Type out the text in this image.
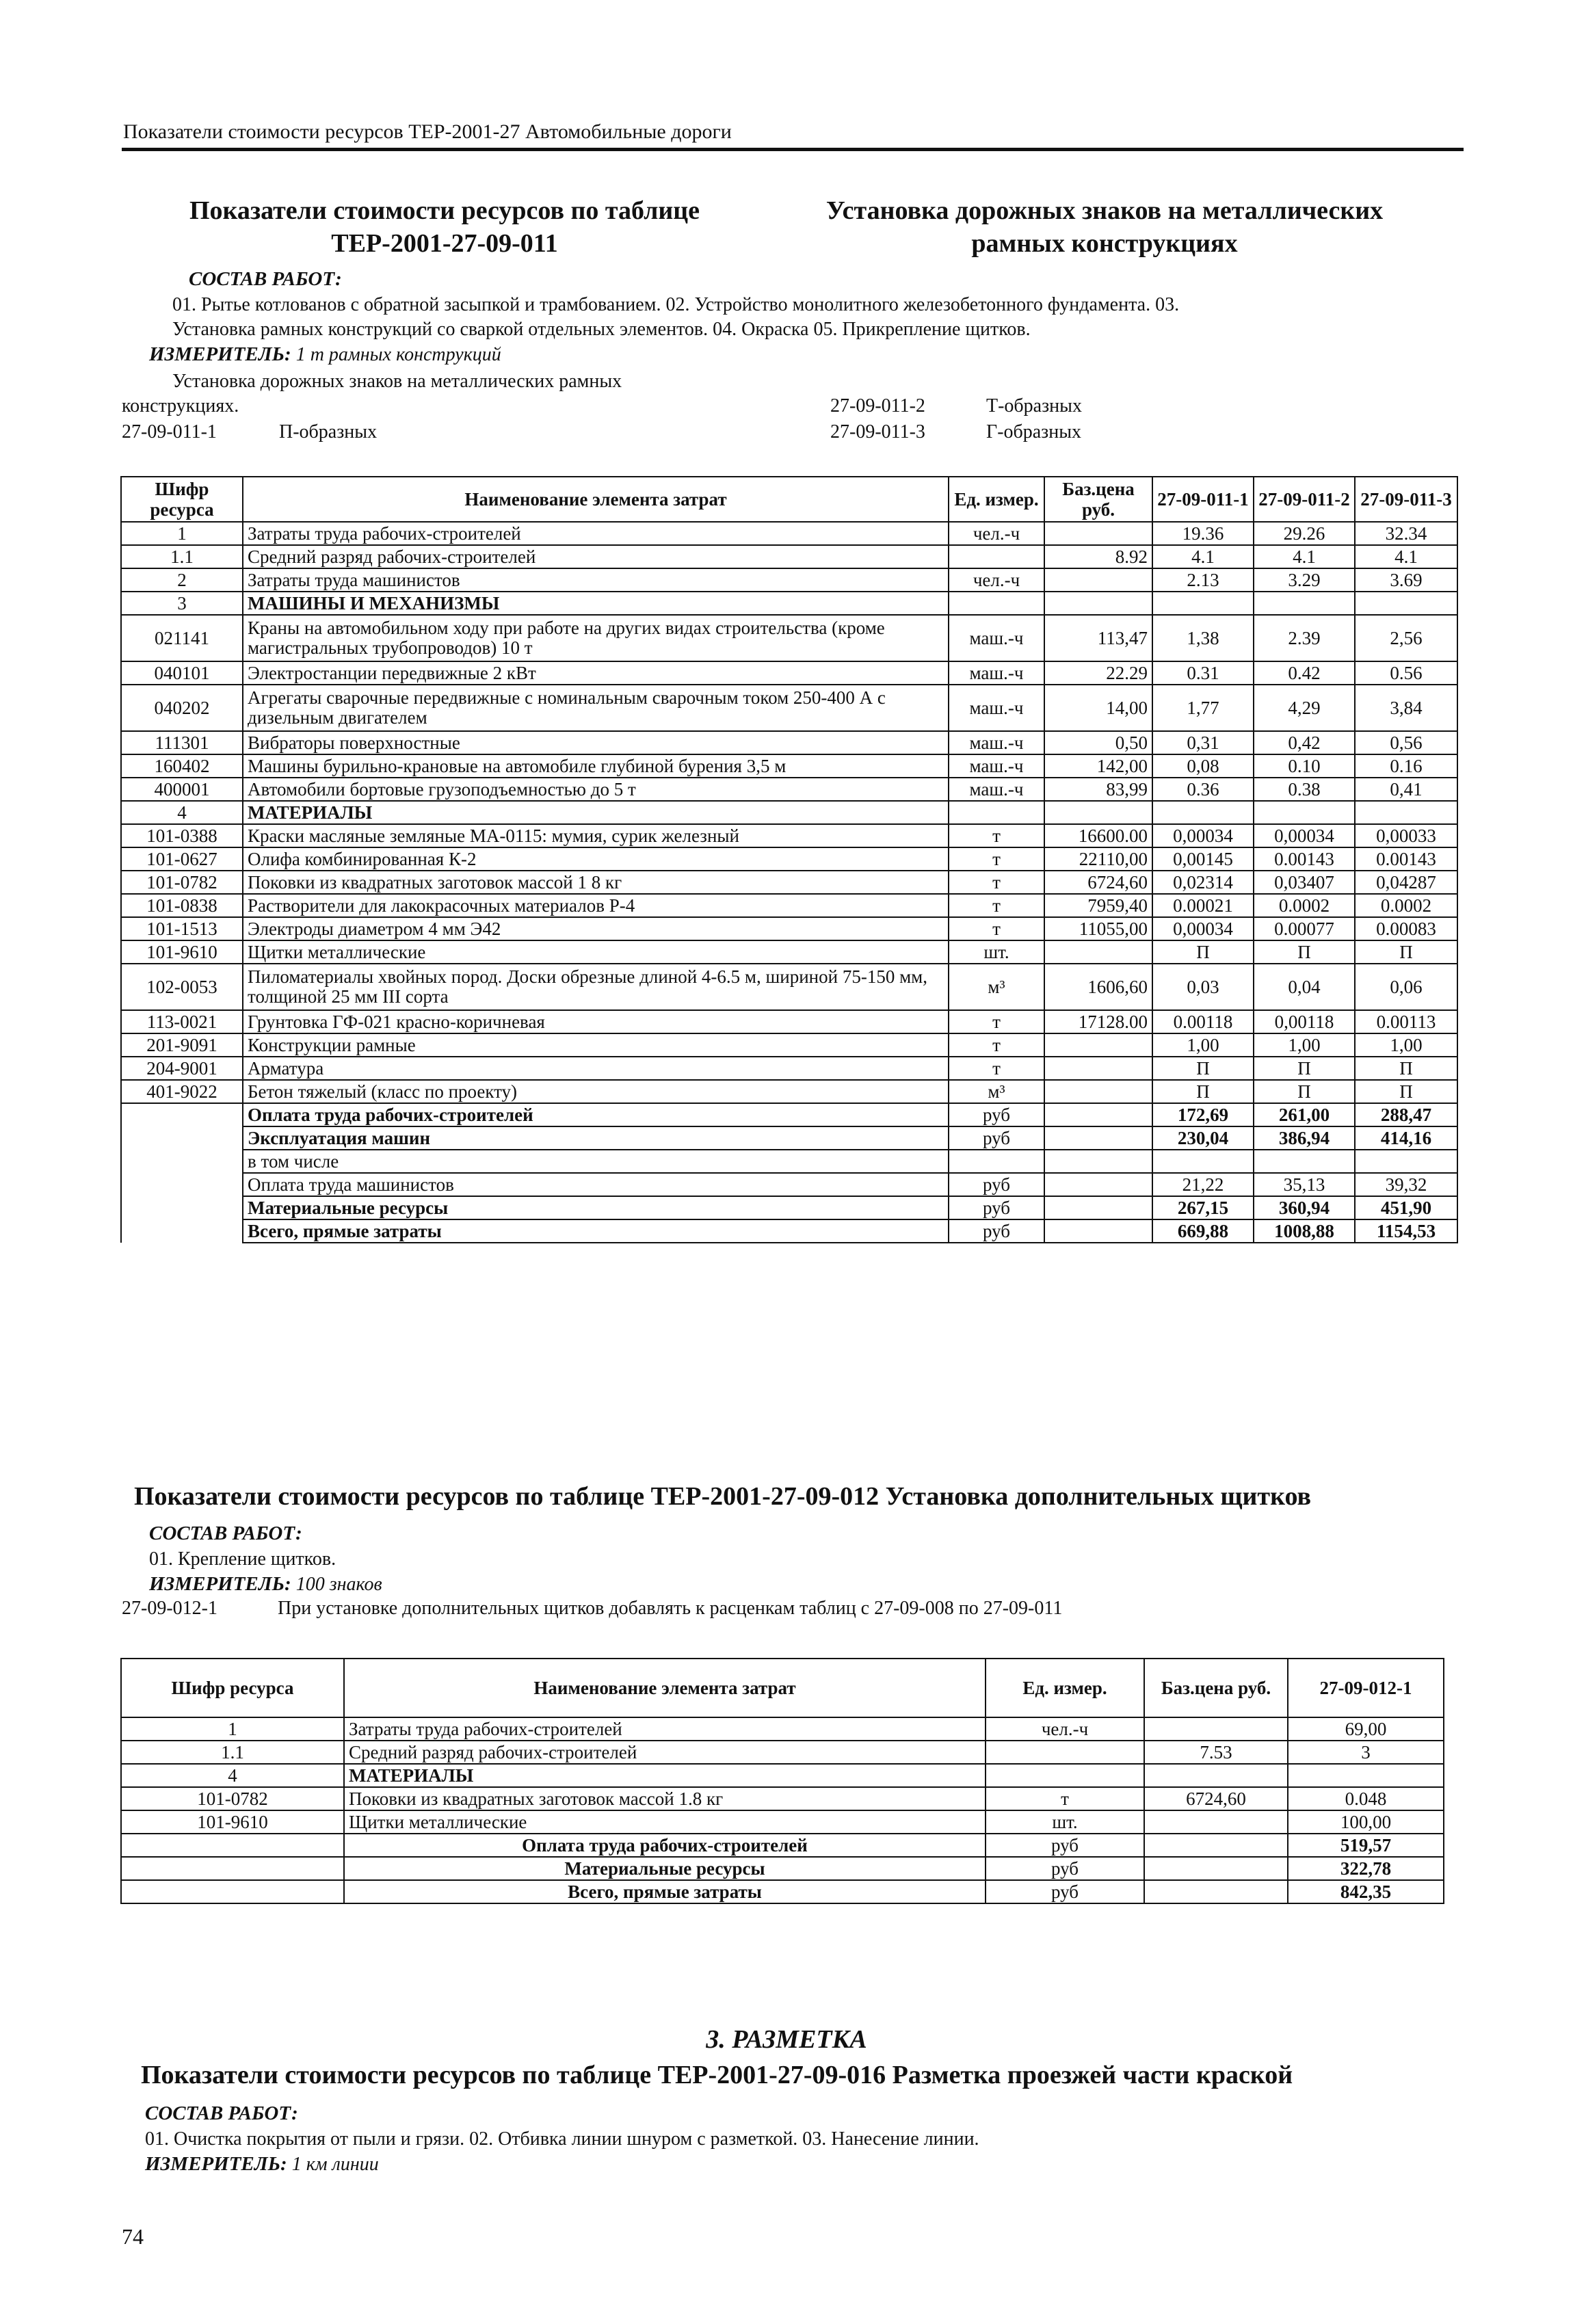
Показатели стоимости ресурсов ТЕР-2001-27 Автомобильные дороги
Показатели стоимости ресурсов по таблице
ТЕР-2001-27-09-011
Установка дорожных знаков на металлических
рамных конструкциях
СОСТАВ РАБОТ:
01. Рытье котлованов с обратной засыпкой и трамбованием. 02. Устройство монолитного железобетонного фундамента. 03.
Установка рамных конструкций со сваркой отдельных элементов. 04. Окраска 05. Прикрепление щитков.
ИЗМЕРИТЕЛЬ: 1 т рамных конструкций
Установка дорожных знаков на металлических рамных
конструкциях.	27-09-011-2	Т-образных
27-09-011-1	П-образных	27-09-011-3	Г-образных
Шифр ресурса	Наименование элемента затрат	Ед. измер.	Баз.цена руб.	27-09-011-1	27-09-011-2	27-09-011-3
1	Затраты труда рабочих-строителей	чел.-ч		19.36	29.26	32.34
1.1	Средний разряд рабочих-строителей		8.92	4.1	4.1	4.1
2	Затраты труда машинистов	чел.-ч		2.13	3.29	3.69
3	МАШИНЫ И МЕХАНИЗМЫ					
021141	Краны на автомобильном ходу при работе на других видах строительства (кроме магистральных трубопроводов) 10 т	маш.-ч	113,47	1,38	2.39	2,56
040101	Электростанции передвижные 2 кВт	маш.-ч	22.29	0.31	0.42	0.56
040202	Агрегаты сварочные передвижные с номинальным сварочным током 250-400 А с дизельным двигателем	маш.-ч	14,00	1,77	4,29	3,84
111301	Вибраторы поверхностные	маш.-ч	0,50	0,31	0,42	0,56
160402	Машины бурильно-крановые на автомобиле глубиной бурения 3,5 м	маш.-ч	142,00	0,08	0.10	0.16
400001	Автомобили бортовые грузоподъемностью до 5 т	маш.-ч	83,99	0.36	0.38	0,41
4	МАТЕРИАЛЫ					
101-0388	Краски масляные земляные МА-0115: мумия, сурик железный	т	16600.00	0,00034	0,00034	0,00033
101-0627	Олифа комбинированная К-2	т	22110,00	0,00145	0.00143	0.00143
101-0782	Поковки из квадратных заготовок массой 1 8 кг	т	6724,60	0,02314	0,03407	0,04287
101-0838	Растворители для лакокрасочных материалов Р-4	т	7959,40	0.00021	0.0002	0.0002
101-1513	Электроды диаметром 4 мм Э42	т	11055,00	0,00034	0.00077	0.00083
101-9610	Щитки металлические	шт.		П	П	П
102-0053	Пиломатериалы хвойных пород. Доски обрезные длиной 4-6.5 м, шириной 75-150 мм, толщиной 25 мм III сорта	м³	1606,60	0,03	0,04	0,06
113-0021	Грунтовка ГФ-021 красно-коричневая	т	17128.00	0.00118	0,00118	0.00113
201-9091	Конструкции рамные	т		1,00	1,00	1,00
204-9001	Арматура	т		П	П	П
401-9022	Бетон тяжелый (класс по проекту)	м³		П	П	П
	Оплата труда рабочих-строителей	руб		172,69	261,00	288,47
	Эксплуатация машин	руб		230,04	386,94	414,16
	в том числе					
	Оплата труда машинистов	руб		21,22	35,13	39,32
	Материальные ресурсы	руб		267,15	360,94	451,90
	Всего, прямые затраты	руб		669,88	1008,88	1154,53
Показатели стоимости ресурсов по таблице ТЕР-2001-27-09-012 Установка дополнительных щитков
СОСТАВ РАБОТ:
01. Крепление щитков.
ИЗМЕРИТЕЛЬ: 100 знаков
27-09-012-1	При установке дополнительных щитков добавлять к расценкам таблиц с 27-09-008 по 27-09-011
Шифр ресурса	Наименование элемента затрат	Ед. измер.	Баз.цена руб.	27-09-012-1
1	Затраты труда рабочих-строителей	чел.-ч		69,00
1.1	Средний разряд рабочих-строителей		7.53	3
4	МАТЕРИАЛЫ			
101-0782	Поковки из квадратных заготовок массой 1.8 кг	т	6724,60	0.048
101-9610	Щитки металлические	шт.		100,00
	Оплата труда рабочих-строителей	руб		519,57
	Материальные ресурсы	руб		322,78
	Всего, прямые затраты	руб		842,35
3. РАЗМЕТКА
Показатели стоимости ресурсов по таблице ТЕР-2001-27-09-016 Разметка проезжей части краской
СОСТАВ РАБОТ:
01. Очистка покрытия от пыли и грязи. 02. Отбивка линии шнуром с разметкой. 03. Нанесение линии.
ИЗМЕРИТЕЛЬ: 1 км линии
74
